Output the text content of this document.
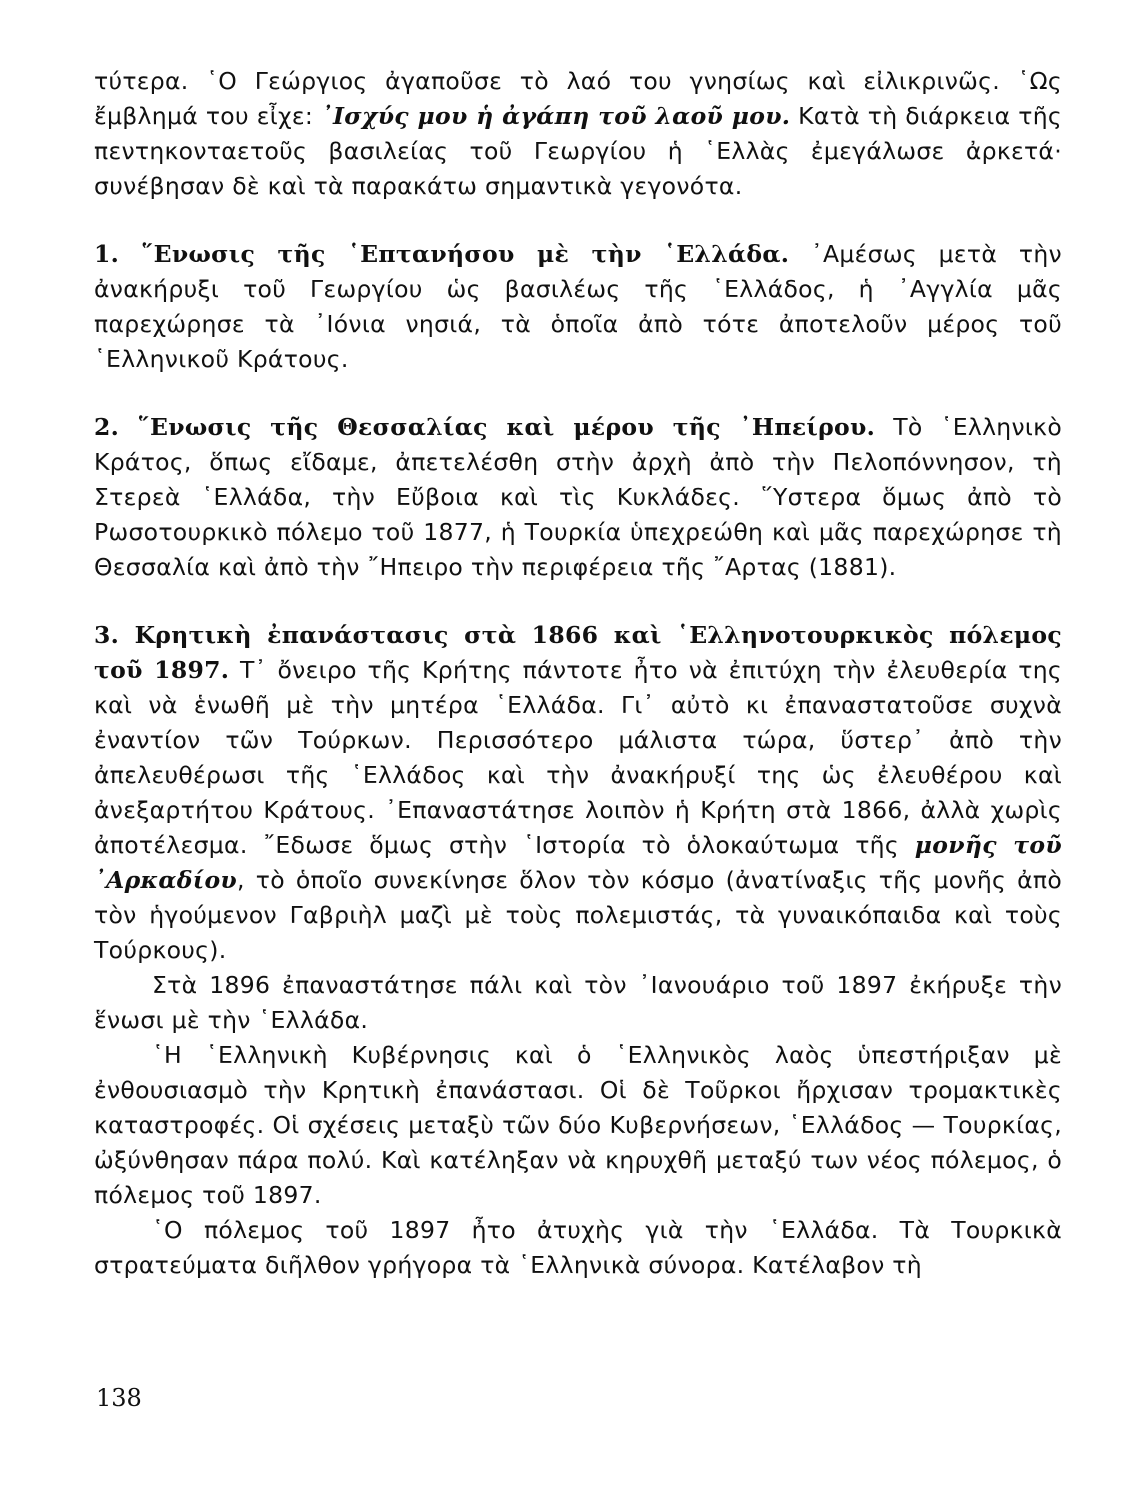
τύτερα. ῾Ο Γεώργιος ἀγαποῦσε τὸ λαό του γνησίως καὶ εἰλικρινῶς. ῾Ως ἔμβλημά του εἶχε: ᾿Ισχύς μου ἡ ἀγάπη τοῦ λαοῦ μου. Κατὰ τὴ διάρκεια τῆς πεντηκονταετοῦς βασιλείας τοῦ Γεωργίου ἡ ῾Ελλὰς ἐμεγάλωσε ἀρκετά· συνέβησαν δὲ καὶ τὰ παρακάτω σημαντικὰ γεγονότα.

1. ῞Ενωσις τῆς ῾Επτανήσου μὲ τὴν ῾Ελλάδα. ᾿Αμέσως μετὰ τὴν ἀνακήρυξι τοῦ Γεωργίου ὡς βασιλέως τῆς ῾Ελλάδος, ἡ ᾿Αγγλία μᾶς παρεχώρησε τὰ ᾿Ιόνια νησιά, τὰ ὁποῖα ἀπὸ τότε ἀποτελοῦν μέρος τοῦ ῾Ελληνικοῦ Κράτους.

2. ῞Ενωσις τῆς Θεσσαλίας καὶ μέρου τῆς ᾿Ηπείρου. Τὸ ῾Ελληνικὸ Κράτος, ὅπως εἴδαμε, ἀπετελέσθη στὴν ἀρχὴ ἀπὸ τὴν Πελοπόννησον, τὴ Στερεὰ ῾Ελλάδα, τὴν Εὔβοια καὶ τὶς Κυκλάδες. ῞Υστερα ὅμως ἀπὸ τὸ Ρωσοτουρκικὸ πόλεμο τοῦ 1877, ἡ Τουρκία ὑπεχρεώθη καὶ μᾶς παρεχώρησε τὴ Θεσσαλία καὶ ἀπὸ τὴν ῎Ηπειρο τὴν περιφέρεια τῆς ῎Αρτας (1881).

3. Κρητικὴ ἐπανάστασις στὰ 1866 καὶ ῾Ελληνοτουρκικὸς πόλεμος τοῦ 1897. Τ᾿ ὄνειρο τῆς Κρήτης πάντοτε ἦτο νὰ ἐπιτύχη τὴν ἐλευθερία της καὶ νὰ ἑνωθῆ μὲ τὴν μητέρα ῾Ελλάδα. Γι᾿ αὐτὸ κι ἐπαναστατοῦσε συχνὰ ἐναντίον τῶν Τούρκων. Περισσότερο μάλιστα τώρα, ὕστερ᾿ ἀπὸ τὴν ἀπελευθέρωσι τῆς ῾Ελλάδος καὶ τὴν ἀνακήρυξί της ὡς ἐλευθέρου καὶ ἀνεξαρτήτου Κράτους. ᾿Επαναστάτησε λοιπὸν ἡ Κρήτη στὰ 1866, ἀλλὰ χωρὶς ἀποτέλεσμα. ῎Εδωσε ὅμως στὴν ῾Ιστορία τὸ ὁλοκαύτωμα τῆς μονῆς τοῦ ᾿Αρκαδίου, τὸ ὁποῖο συνεκίνησε ὅλον τὸν κόσμο (ἀνατίναξις τῆς μονῆς ἀπὸ τὸν ἡγούμενον Γαβριὴλ μαζὶ μὲ τοὺς πολεμιστάς, τὰ γυναικόπαιδα καὶ τοὺς Τούρκους).

Στὰ 1896 ἐπαναστάτησε πάλι καὶ τὸν ᾿Ιανουάριο τοῦ 1897 ἐκήρυξε τὴν ἕνωσι μὲ τὴν ῾Ελλάδα.

῾Η ῾Ελληνικὴ Κυβέρνησις καὶ ὁ ῾Ελληνικὸς λαὸς ὑπεστήριξαν μὲ ἐνθουσιασμὸ τὴν Κρητικὴ ἐπανάστασι. Οἱ δὲ Τοῦρκοι ἤρχισαν τρομακτικὲς καταστροφές. Οἱ σχέσεις μεταξὺ τῶν δύο Κυβερνήσεων, ῾Ελλάδος — Τουρκίας, ὠξύνθησαν πάρα πολύ. Καὶ κατέληξαν νὰ κηρυχθῆ μεταξύ των νέος πόλεμος, ὁ πόλεμος τοῦ 1897.

῾Ο πόλεμος τοῦ 1897 ἦτο ἀτυχὴς γιὰ τὴν ῾Ελλάδα. Τὰ Τουρκικὰ στρατεύματα διῆλθον γρήγορα τὰ ῾Ελληνικὰ σύνορα. Κατέλαβον τὴ

138
